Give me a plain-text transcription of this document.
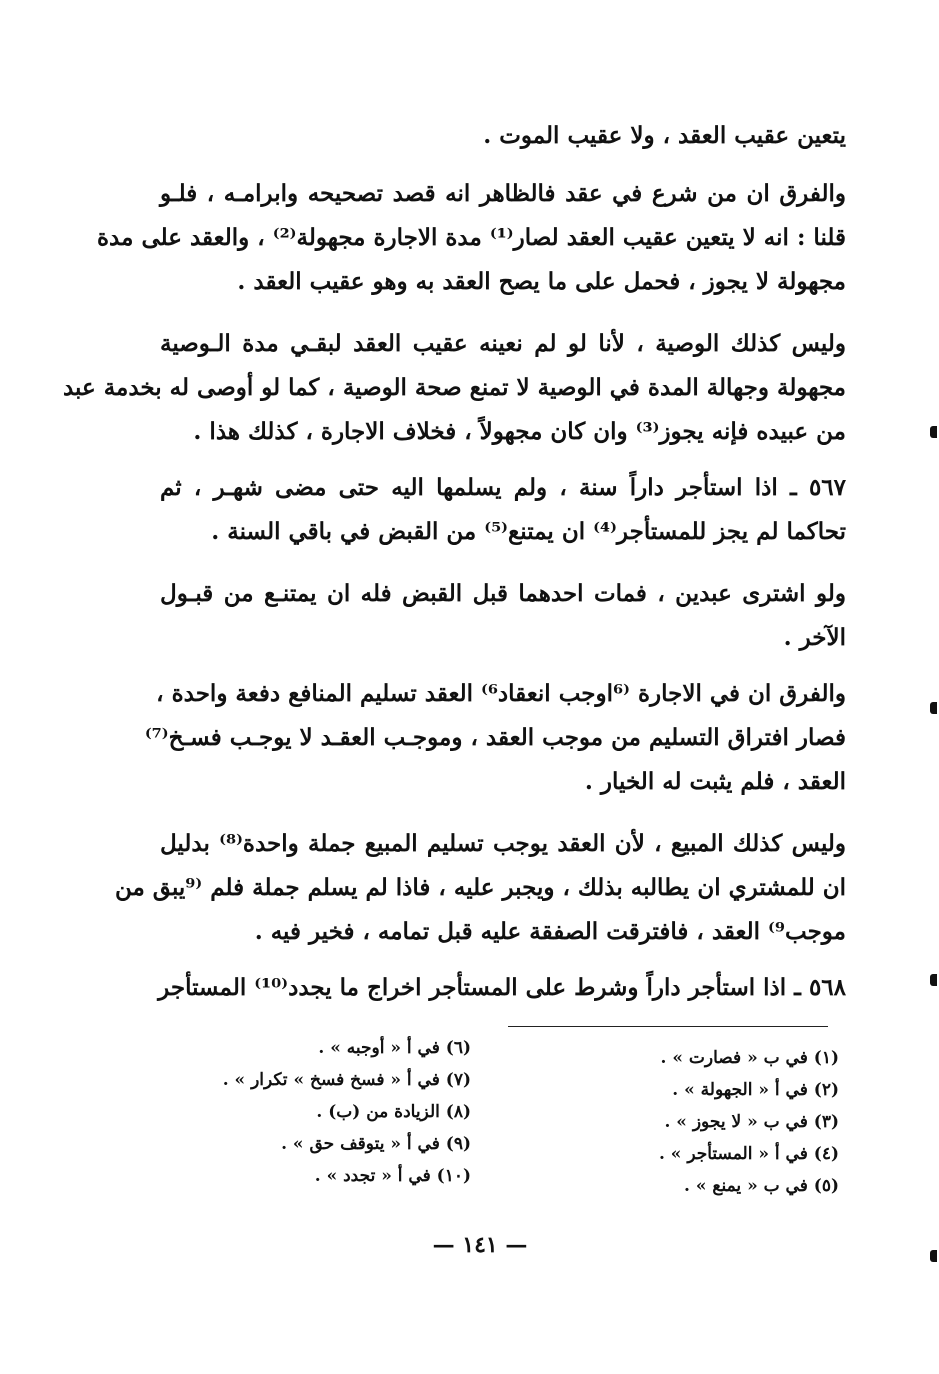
يتعين عقيب العقد ، ولا عقيب الموت .
والفرق ان من شرع في عقد فالظاهر انه قصد تصحيحه وابرامـه ، فلـو
قلنا : انه لا يتعين عقيب العقد لصار⁽¹⁾ مدة الاجارة مجهولة⁽²⁾ ، والعقد على مدة
مجهولة لا يجوز ، فحمل على ما يصح العقد به وهو عقيب العقد .
وليس كذلك الوصية ، لأنا لو لم نعينه عقيب العقد لبقـي مدة الـوصية
مجهولة وجهالة المدة في الوصية لا تمنع صحة الوصية ، كما لو أوصى له بخدمة عبد
من عبيده فإنه يجوز⁽³⁾ وان كان مجهولاً ، فخلاف الاجارة ، كذلك هذا .
٥٦٧ ـ اذا استأجر داراً سنة ، ولم يسلمها اليه حتى مضى شهـر ، ثم
تحاكما لم يجز للمستأجر⁽⁴⁾ ان يمتنع⁽⁵⁾ من القبض في باقي السنة .
ولو اشترى عبدين ، فمات احدهما قبل القبض فله ان يمتنـع من قبـول
الآخر .
والفرق ان في الاجارة ⁽⁶اوجب انعقاد⁶⁾ العقد تسليم المنافع دفعة واحدة ،
فصار افتراق التسليم من موجب العقد ، وموجـب العقـد لا يوجـب فسـخ⁽⁷⁾
العقد ، فلم يثبت له الخيار .
وليس كذلك المبيع ، لأن العقد يوجب تسليم المبيع جملة واحدة⁽⁸⁾ بدليل
ان للمشتري ان يطالبه بذلك ، ويجبر عليه ، فاذا لم يسلم جملة فلم ⁽⁹يبق من
موجب⁹⁾ العقد ، فافترقت الصفقة عليه قبل تمامه ، فخير فيه .
٥٦٨ ـ اذا استأجر داراً وشرط على المستأجر اخراج ما يجدد⁽¹⁰⁾ المستأجر
(١) في ب « فصارت » .
(٢) في أ « الجهولة » .
(٣) في ب « لا يجوز » .
(٤) في أ « المستأجر » .
(٥) في ب « يمنع » .
(٦) في أ « أوجبه » .
(٧) في أ « فسخ فسخ » تكرار » .
(٨) الزيادة من (ب) .
(٩) في أ « يتوقف حق » .
(١٠) في أ « تجدد » .
— ١٤١ —
